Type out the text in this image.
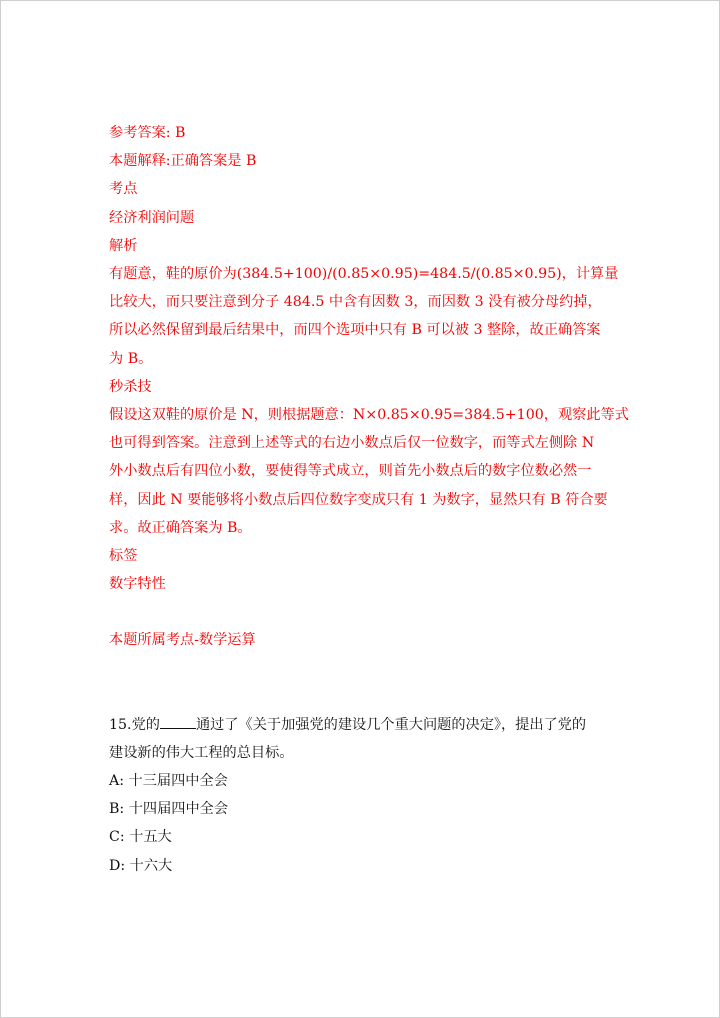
参考答案: B
本题解释:正确答案是 B
考点
经济利润问题
解析
有题意，鞋的原价为(384.5+100)/(0.85×0.95)=484.5/(0.85×0.95)，计算量
比较大，而只要注意到分子 484.5 中含有因数 3，而因数 3 没有被分母约掉，
所以必然保留到最后结果中，而四个选项中只有 B 可以被 3 整除，故正确答案
为 B。
秒杀技
假设这双鞋的原价是 N，则根据题意：N×0.85×0.95=384.5+100，观察此等式
也可得到答案。注意到上述等式的右边小数点后仅一位数字，而等式左侧除 N
外小数点后有四位小数，要使得等式成立，则首先小数点后的数字位数必然一
样，因此 N 要能够将小数点后四位数字变成只有 1 为数字，显然只有 B 符合要
求。故正确答案为 B。
标签
数字特性
本题所属考点-数学运算
15.党的	通过了《关于加强党的建设几个重大问题的决定》，提出了党的
建设新的伟大工程的总目标。
A: 十三届四中全会
B: 十四届四中全会
C: 十五大
D: 十六大
